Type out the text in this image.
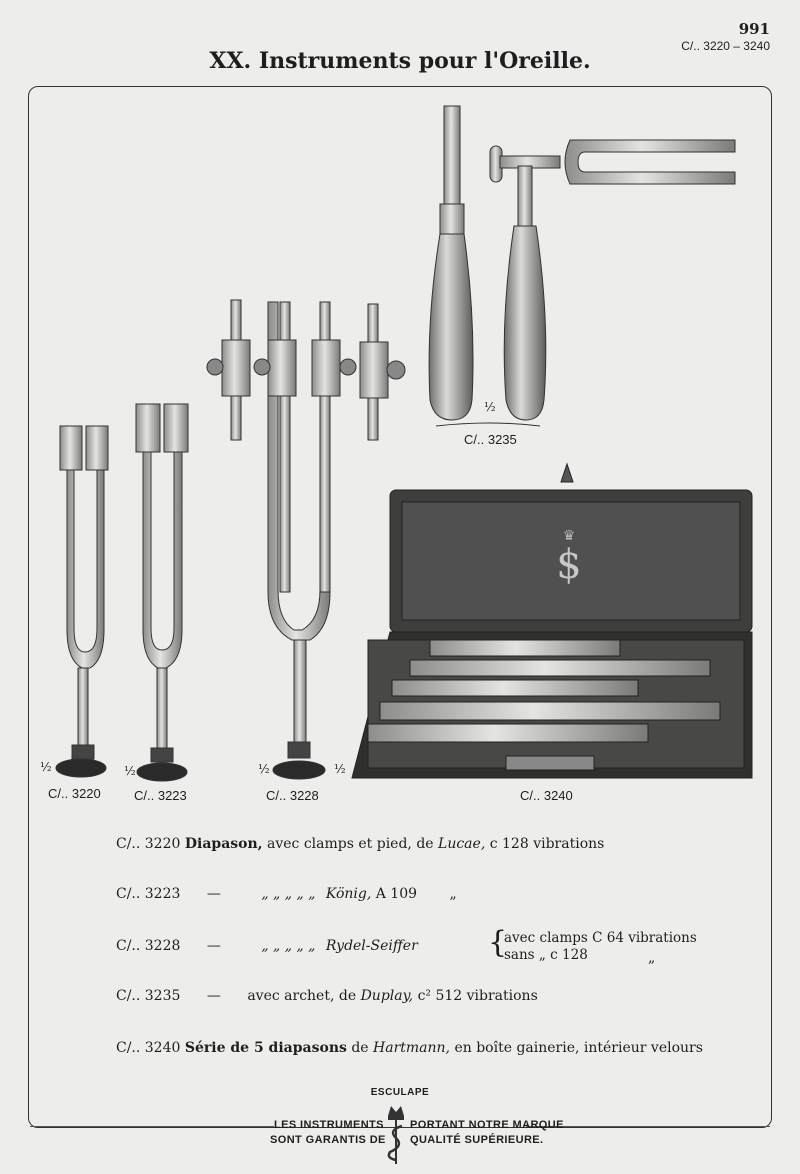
991
C/.. 3220 – 3240
XX. Instruments pour l'Oreille.
♛
$
½	½	½	½
½
C/.. 3220	C/.. 3223	C/.. 3228
C/.. 3235
C/.. 3240
C/.. 3220 Diapason, avec clamps et pied, de Lucae, c 128 vibrations
C/.. 3223 —	„ „ „ „ „ König, A 109 „
C/.. 3228 —	„ „ „ „ „ Rydel-Seiffer {
avec clamps C 64 vibrations
sans „ c 128	„
C/.. 3235 — avec archet, de Duplay, c² 512 vibrations
C/.. 3240 Série de 5 diapasons de Hartmann, en boîte gainerie, intérieur velours
ESCULAPE
LES INSTRUMENTS
SONT GARANTIS DE
PORTANT NOTRE MARQUE
QUALITÉ SUPÉRIEURE.
